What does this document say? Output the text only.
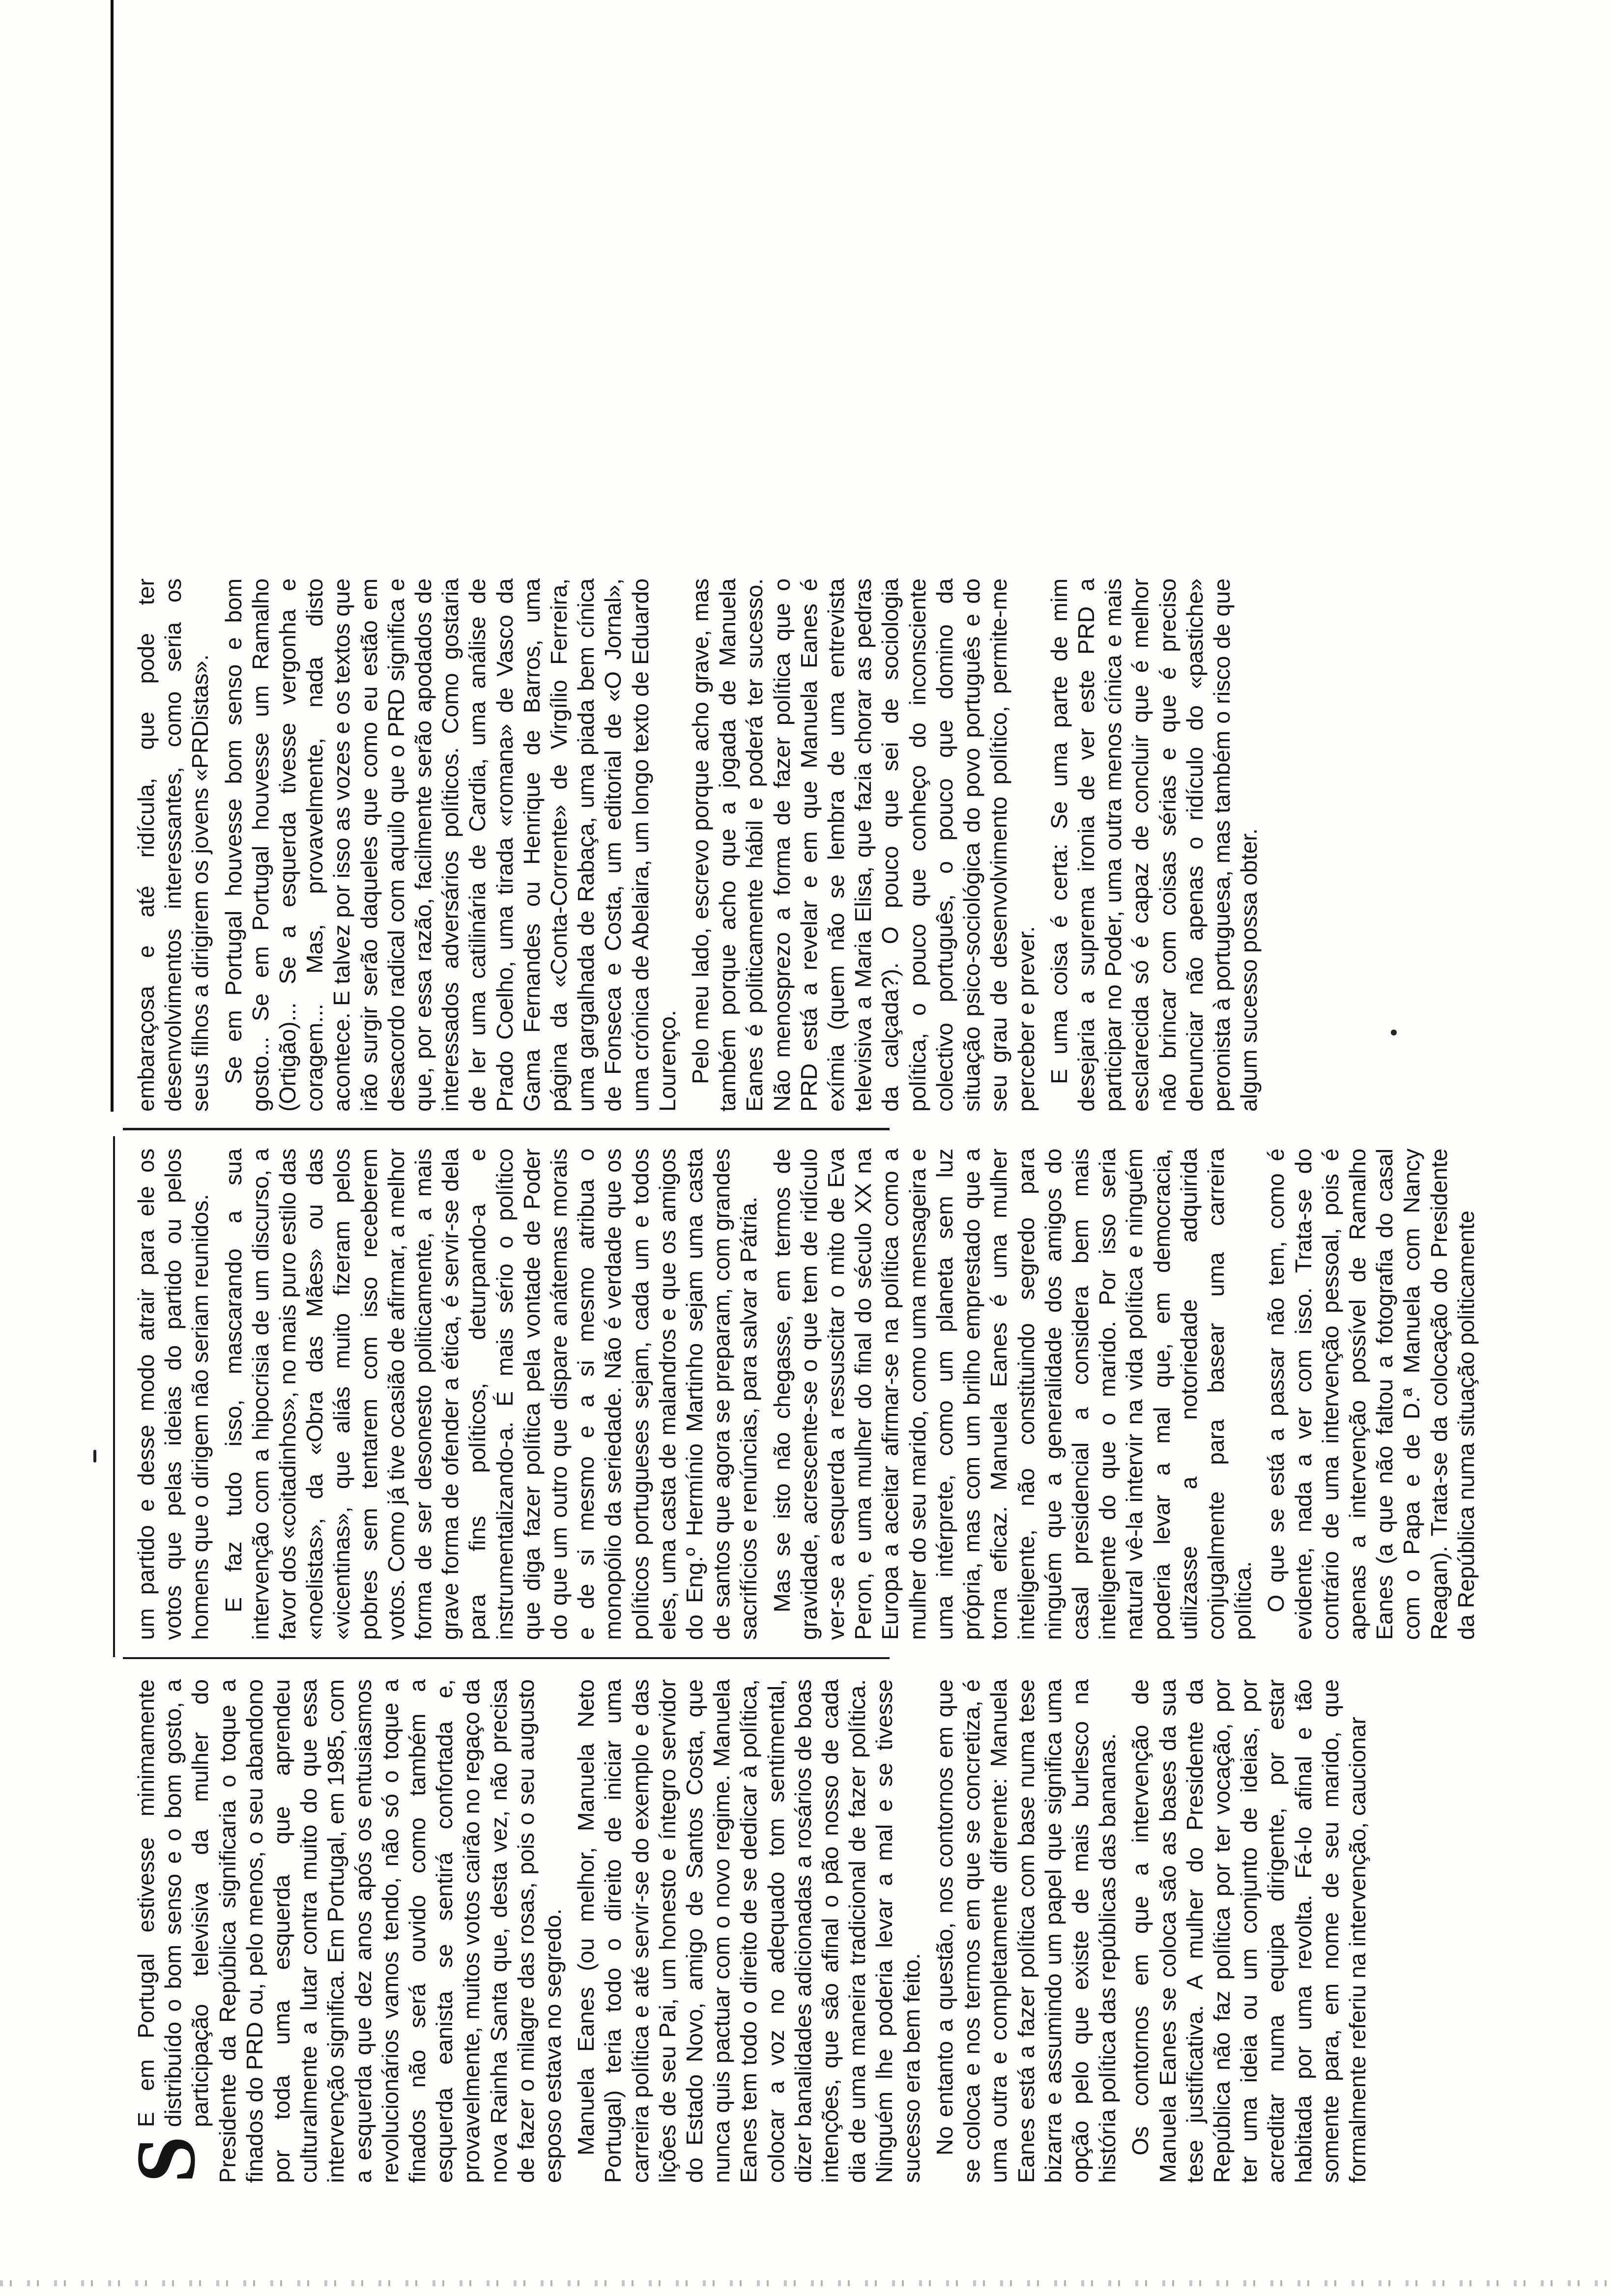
S
E em Portugal estivesse minimamente distribuído o bom senso e o bom gosto, a participação televisiva da mulher do Presidente da República significaria o toque a finados do PRD ou, pelo menos, o seu abandono por toda uma esquerda que aprendeu culturalmente a lutar contra muito do que essa intervenção significa. Em Portugal, em 1985, com a esquerda que dez anos após os entusiasmos revolucionários vamos tendo, não só o toque a finados não será ouvido como também a esquerda eanista se sentirá confortada e, provavelmente, muitos votos cairão no regaço da nova Rainha Santa que, desta vez, não precisa de fazer o milagre das rosas, pois o seu augusto esposo estava no segredo. Manuela Eanes (ou melhor, Manuela Neto Portugal) teria todo o direito de iniciar uma carreira política e até servir-se do exemplo e das lições de seu Pai, um honesto e íntegro servidor do Estado Novo, amigo de Santos Costa, que nunca quis pactuar com o novo regime. Manuela Eanes tem todo o direito de se dedicar à política, colocar a voz no adequado tom sentimental, dizer banalidades adicionadas a rosários de boas intenções, que são afinal o pão nosso de cada dia de uma maneira tradicional de fazer política. Ninguém lhe poderia levar a mal e se tivesse sucesso era bem feito. No entanto a questão, nos contornos em que se coloca e nos termos em que se concretiza, é uma outra e completamente diferente: Manuela Eanes está a fazer política com base numa tese bizarra e assumindo um papel que significa uma opção pelo que existe de mais burlesco na história política das repúblicas das bananas. Os contornos em que a intervenção de Manuela Eanes se coloca são as bases da sua tese justificativa. A mulher do Presidente da República não faz política por ter vocação, por ter uma ideia ou um conjunto de ideias, por acreditar numa equipa dirigente, por estar habitada por uma revolta. Fá-lo afinal e tão somente para, em nome de seu marido, que formalmente referiu na intervenção, caucionar

um partido e desse modo atrair para ele os votos que pelas ideias do partido ou pelos homens que o dirigem não seriam reunidos. E faz tudo isso, mascarando a sua intervenção com a hipocrisia de um discurso, a favor dos «coitadinhos», no mais puro estilo das «noelistas», da «Obra das Mães» ou das «vicentinas», que aliás muito fizeram pelos pobres sem tentarem com isso receberem votos. Como já tive ocasião de afirmar, a melhor forma de ser desonesto politicamente, a mais grave forma de ofender a ética, é servir-se dela para fins políticos, deturpando-a e instrumentalizando-a. É mais sério o político que diga fazer política pela vontade de Poder do que um outro que dispare anátemas morais e de si mesmo e a si mesmo atribua o monopólio da seriedade. Não é verdade que os políticos portugueses sejam, cada um e todos eles, uma casta de malandros e que os amigos do Eng.º Hermínio Martinho sejam uma casta de santos que agora se preparam, com grandes sacrifícios e renúncias, para salvar a Pátria. Mas se isto não chegasse, em termos de gravidade, acrescente-se o que tem de ridículo ver-se a esquerda a ressuscitar o mito de Eva Peron, e uma mulher do final do século XX na Europa a aceitar afirmar-se na política como a mulher do seu marido, como uma mensageira e uma intérprete, como um planeta sem luz própria, mas com um brilho emprestado que a torna eficaz. Manuela Eanes é uma mulher inteligente, não constituindo segredo para ninguém que a generalidade dos amigos do casal presidencial a considera bem mais inteligente do que o marido. Por isso seria natural vê-la intervir na vida política e ninguém poderia levar a mal que, em democracia, utilizasse a notoriedade adquirida conjugalmente para basear uma carreira política. O que se está a passar não tem, como é evidente, nada a ver com isso. Trata-se do contrário de uma intervenção pessoal, pois é apenas a intervenção possível de Ramalho Eanes (a que não faltou a fotografia do casal com o Papa e de D.ª Manuela com Nancy Reagan). Trata-se da colocação do Presidente da República numa situação politicamente

embaraçosa e até ridícula, que pode ter desenvolvimentos interessantes, como seria os seus filhos a dirigirem os jovens «PRDistas». Se em Portugal houvesse bom senso e bom gosto... Se em Portugal houvesse um Ramalho (Ortigão)... Se a esquerda tivesse vergonha e coragem... Mas, provavelmente, nada disto acontece. E talvez por isso as vozes e os textos que irão surgir serão daqueles que como eu estão em desacordo radical com aquilo que o PRD significa e que, por essa razão, facilmente serão apodados de interessados adversários políticos. Como gostaria de ler uma catilinária de Cardia, uma análise de Prado Coelho, uma tirada «romana» de Vasco da Gama Fernandes ou Henrique de Barros, uma página da «Conta-Corrente» de Virgílio Ferreira, uma gargalhada de Rabaça, uma piada bem cínica de Fonseca e Costa, um editorial de «O Jornal», uma crónica de Abelaira, um longo texto de Eduardo Lourenço. Pelo meu lado, escrevo porque acho grave, mas também porque acho que a jogada de Manuela Eanes é politicamente hábil e poderá ter sucesso. Não menosprezo a forma de fazer política que o PRD está a revelar e em que Manuela Eanes é exímia (quem não se lembra de uma entrevista televisiva a Maria Elisa, que fazia chorar as pedras da calçada?). O pouco que sei de sociologia política, o pouco que conheço do inconsciente colectivo português, o pouco que domino da situação psico-sociológica do povo português e do seu grau de desenvolvimento político, permite-me perceber e prever. E uma coisa é certa: Se uma parte de mim desejaria a suprema ironia de ver este PRD a participar no Poder, uma outra menos cínica e mais esclarecida só é capaz de concluir que é melhor não brincar com coisas sérias e que é preciso denunciar não apenas o ridículo do «pastiche» peronista à portuguesa, mas também o risco de que algum sucesso possa obter.
